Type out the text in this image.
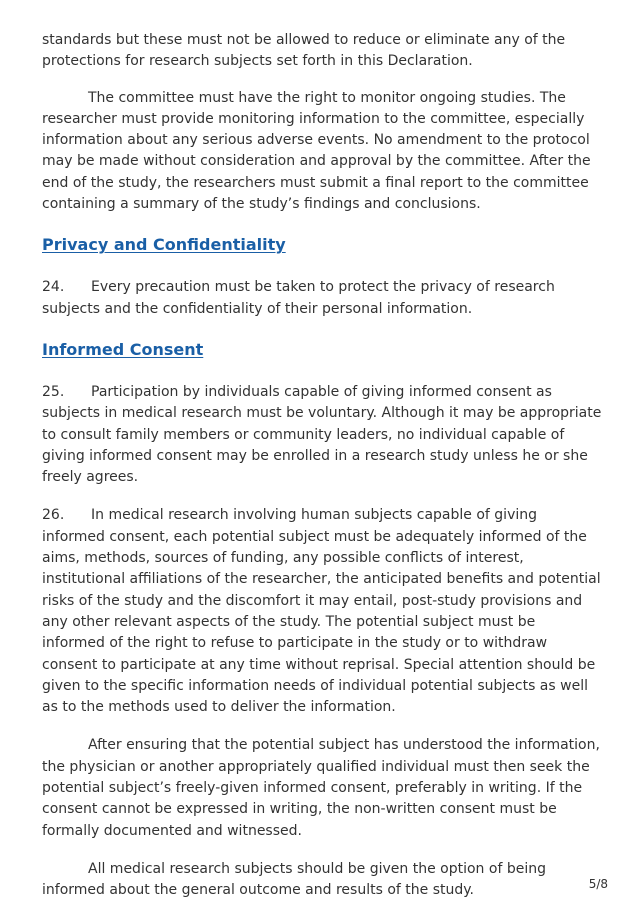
standards but these must not be allowed to reduce or eliminate any of the protections for research subjects set forth in this Declaration.

The committee must have the right to monitor ongoing studies. The researcher must provide monitoring information to the committee, especially information about any serious adverse events. No amendment to the protocol may be made without consideration and approval by the committee. After the end of the study, the researchers must submit a final report to the committee containing a summary of the study’s findings and conclusions.

Privacy and Confidentiality

24. Every precaution must be taken to protect the privacy of research subjects and the confidentiality of their personal information.

Informed Consent

25. Participation by individuals capable of giving informed consent as subjects in medical research must be voluntary. Although it may be appropriate to consult family members or community leaders, no individual capable of giving informed consent may be enrolled in a research study unless he or she freely agrees.

26. In medical research involving human subjects capable of giving informed consent, each potential subject must be adequately informed of the aims, methods, sources of funding, any possible conflicts of interest, institutional affiliations of the researcher, the anticipated benefits and potential risks of the study and the discomfort it may entail, post-study provisions and any other relevant aspects of the study. The potential subject must be informed of the right to refuse to participate in the study or to withdraw consent to participate at any time without reprisal. Special attention should be given to the specific information needs of individual potential subjects as well as to the methods used to deliver the information.

After ensuring that the potential subject has understood the information, the physician or another appropriately qualified individual must then seek the potential subject’s freely-given informed consent, preferably in writing. If the consent cannot be expressed in writing, the non-written consent must be formally documented and witnessed.

All medical research subjects should be given the option of being informed about the general outcome and results of the study.	5/8
